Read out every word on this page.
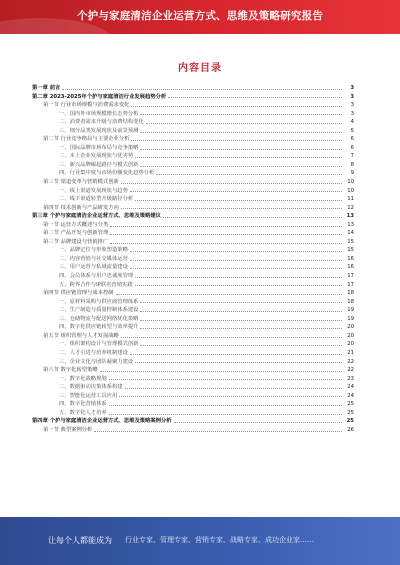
个护与家庭清洁企业运营方式、思维及策略研究报告
内容目录
第一章 前言	3
第二章 2023-2025年个护与家庭清洁行业发展趋势分析	3
第一节 行业市场规模与消费需求变化	3
一、国内外市场规模增长态势分析	3
二、消费者需求升级与消费结构变化	4
三、细分品类发展现状及前景预测	5
第二节 行业竞争格局与主要企业分析	6
一、国际品牌市场布局与竞争策略	6
二、本土企业发展现状与优劣势	7
三、新兴品牌崛起路径与模式创新	8
四、行业集中度与市场份额变化趋势分析	9
第三节 渠道变革与营销模式创新	10
一、线上渠道发展现状与趋势	10
二、线下渠道转型升级路径分析	11
第四节 技术创新与产品研发方向	12
第三章 个护与家庭清洁企业运营方式、思维及策略建议	13
第一节 运营方式概述与分类	13
第二节 产品开发与创新管理	14
第三节 品牌建设与营销推广	15
一、品牌定位与形象塑造策略	15
二、内容营销与社交媒体运营	16
三、用户运营与私域流量建设	16
四、会员体系与用户忠诚度管理	17
五、跨界合作与IP联名营销实践	17
第四节 供应链管理与成本控制	18
一、原材料采购与供应商管理体系	18
二、生产制造与质量控制体系建设	19
三、仓储物流与配送网络优化策略	19
四、数字化供应链转型与效率提升	20
第五节 组织管理与人才发展战略	20
一、组织架构设计与管理模式创新	20
二、人才引进与培养机制建设	21
三、企业文化与团队凝聚力建设	22
第六节 数字化转型策略	22
一、数字化战略规划	23
二、数据驱动决策体系构建	24
三、智能化运营工具应用	24
四、数字化营销体系	25
五、数字化人才培养	25
第四章 个护与家庭清洁企业运营方式、思维及策略案例分析	25
第一节 典型案例分析	26
让每个人都能成为 行业专家、管理专家、营销专家、战略专家、成功企业家……
